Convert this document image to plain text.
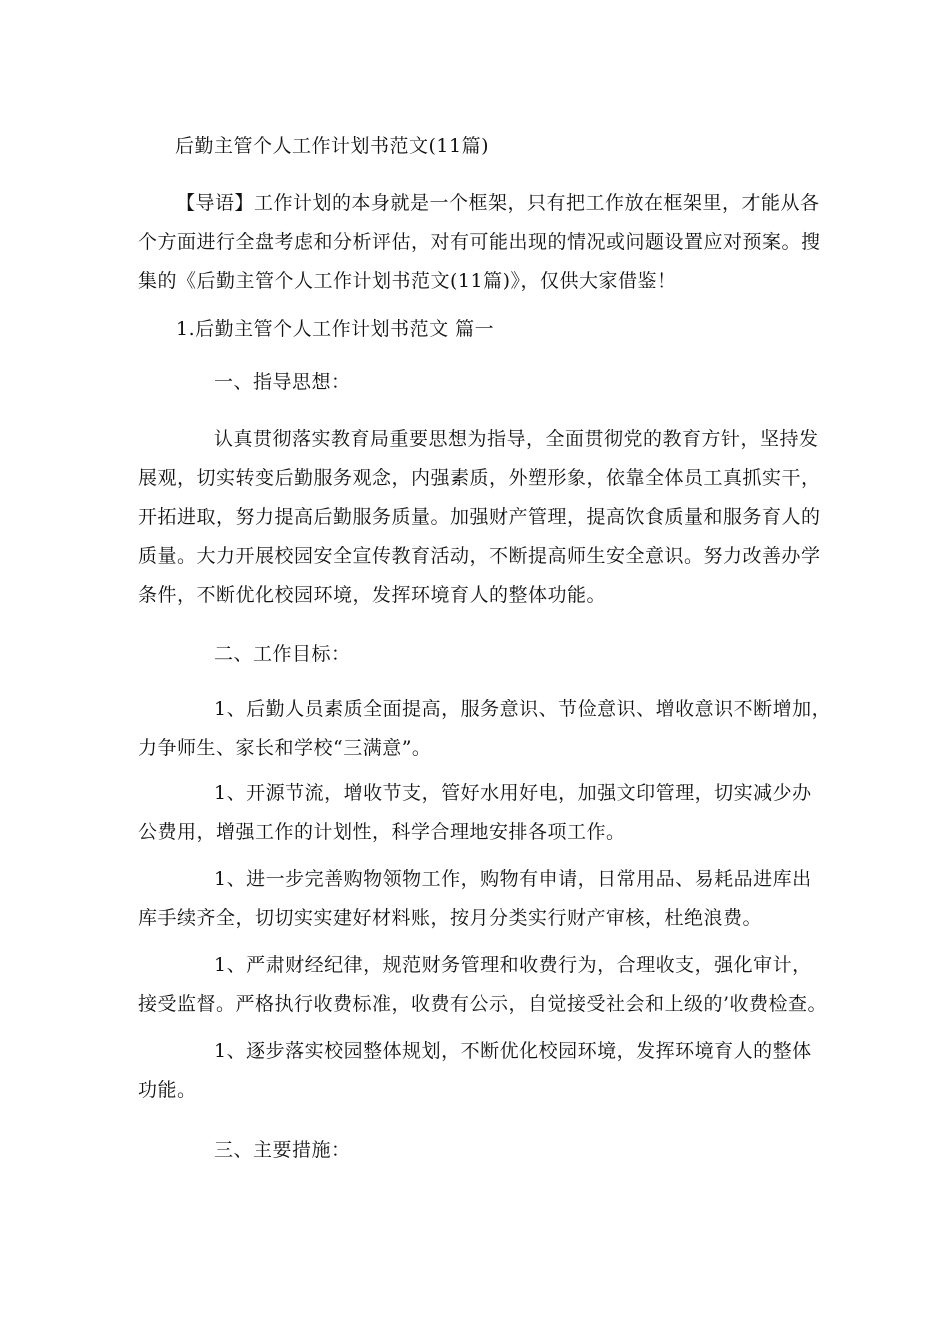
后勤主管个人工作计划书范文(11篇)
【导语】工作计划的本身就是一个框架，只有把工作放在框架里，才能从各
个方面进行全盘考虑和分析评估，对有可能出现的情况或问题设置应对预案。搜
集的《后勤主管个人工作计划书范文(11篇)》，仅供大家借鉴！
1.后勤主管个人工作计划书范文 篇一
一、指导思想：
认真贯彻落实教育局重要思想为指导，全面贯彻党的教育方针，坚持发
展观，切实转变后勤服务观念，内强素质，外塑形象，依靠全体员工真抓实干，
开拓进取，努力提高后勤服务质量。加强财产管理，提高饮食质量和服务育人的
质量。大力开展校园安全宣传教育活动，不断提高师生安全意识。努力改善办学
条件，不断优化校园环境，发挥环境育人的整体功能。
二、工作目标：
1、后勤人员素质全面提高，服务意识、节俭意识、增收意识不断增加，
力争师生、家长和学校“三满意”。
1、开源节流，增收节支，管好水用好电，加强文印管理，切实减少办
公费用，增强工作的计划性，科学合理地安排各项工作。
1、进一步完善购物领物工作，购物有申请，日常用品、易耗品进库出
库手续齐全，切切实实建好材料账，按月分类实行财产审核，杜绝浪费。
1、严肃财经纪律，规范财务管理和收费行为，合理收支，强化审计，
接受监督。严格执行收费标准，收费有公示，自觉接受社会和上级的’收费检查。
1、逐步落实校园整体规划，不断优化校园环境，发挥环境育人的整体
功能。
三、主要措施：
